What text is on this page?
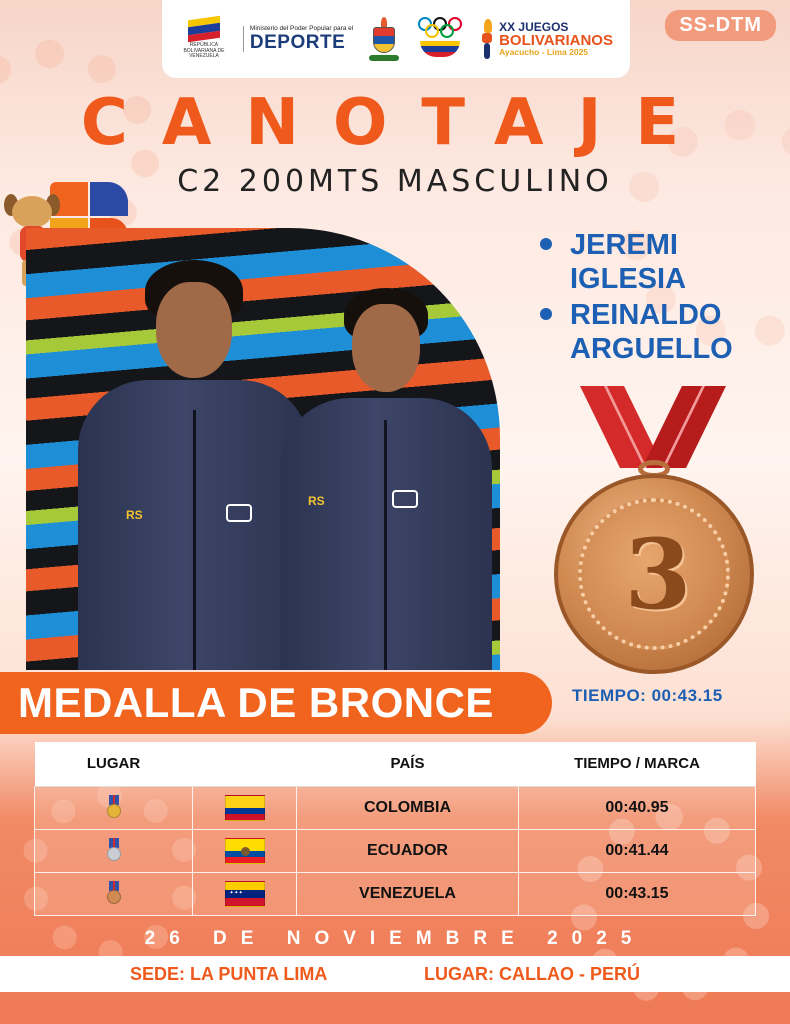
REPÚBLICA BOLIVARIANA DE VENEZUELA
Ministerio del Poder Popular para el
DEPORTE
XX JUEGOS
BOLIVARIANOS
Ayacucho - Lima 2025
SS-DTM
CANOTAJE
C2 200MTS MASCULINO
RS
RS
JEREMI IGLESIA
REINALDO ARGUELLO
3
MEDALLA DE BRONCE	TIEMPO: 00:43.15
LUGAR		PAÍS	TIEMPO / MARCA

		COLOMBIA	00:40.95

		ECUADOR	00:41.44

	✦ ✦ ✦	VENEZUELA	00:43.15
26 DE NOVIEMBRE 2025
SEDE: LA PUNTA LIMA	LUGAR: CALLAO - PERÚ
